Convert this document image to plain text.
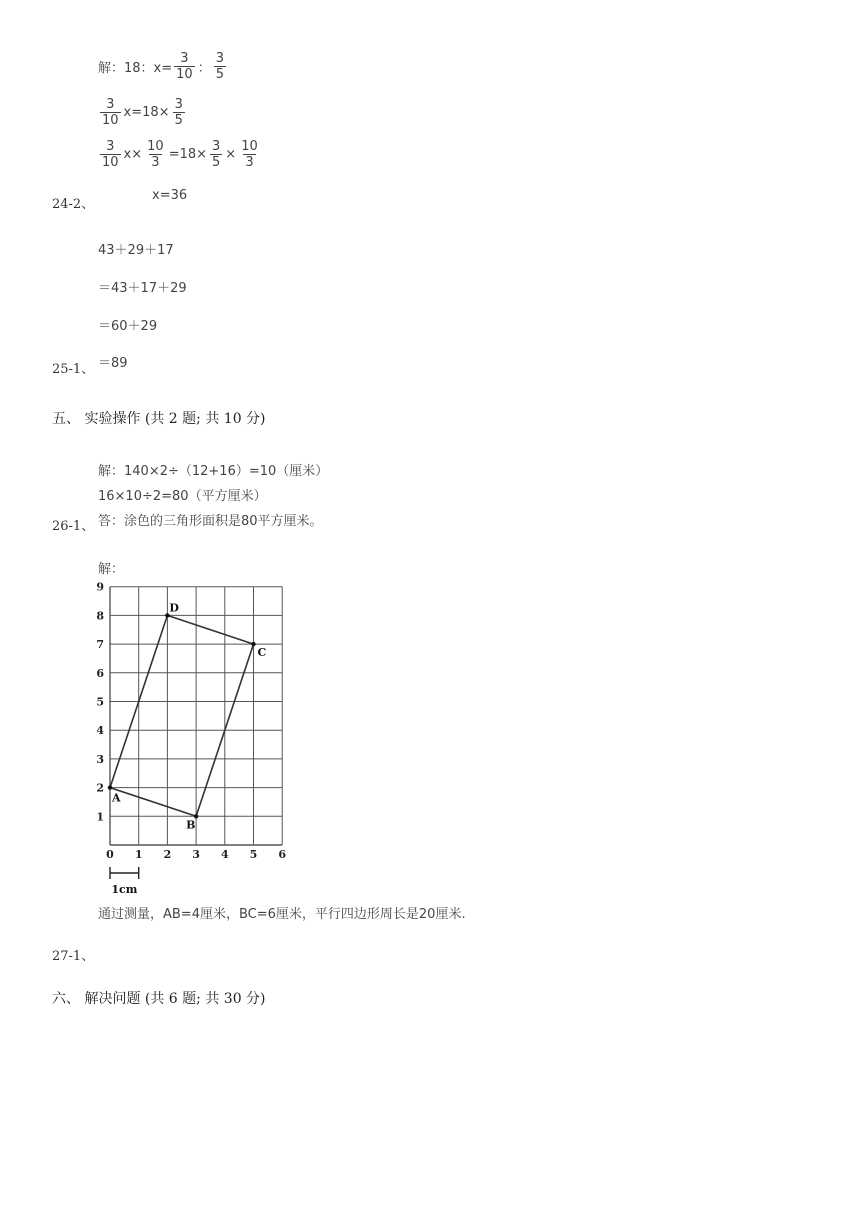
解：18：$x= \frac{3}{10}$ ： $\frac{3}{5}$
$\frac{3}{10} x=18\times \frac{3}{5}$
$\frac{3}{10} x\times \frac{10}{3} =18\times \frac{3}{5} \times \frac{10}{3}$
x=36
24-2、
43＋29＋17
＝43＋17＋29
＝60＋29
＝89
25-1、
五、 实验操作 (共 2 题; 共 10 分)
解：140×2÷（12+16）=10（厘米）
16×10÷2=80（平方厘米）
答：涂色的三角形面积是80平方厘米。
26-1、
解：
0 1 2 3 4 5 6
1
2
3
4
5
6
7
8
9
A
B
C
D
1cm
通过测量，AB=4厘米，BC=6厘米，平行四边形周长是20厘米.
27-1、
六、 解决问题 (共 6 题; 共 30 分)
